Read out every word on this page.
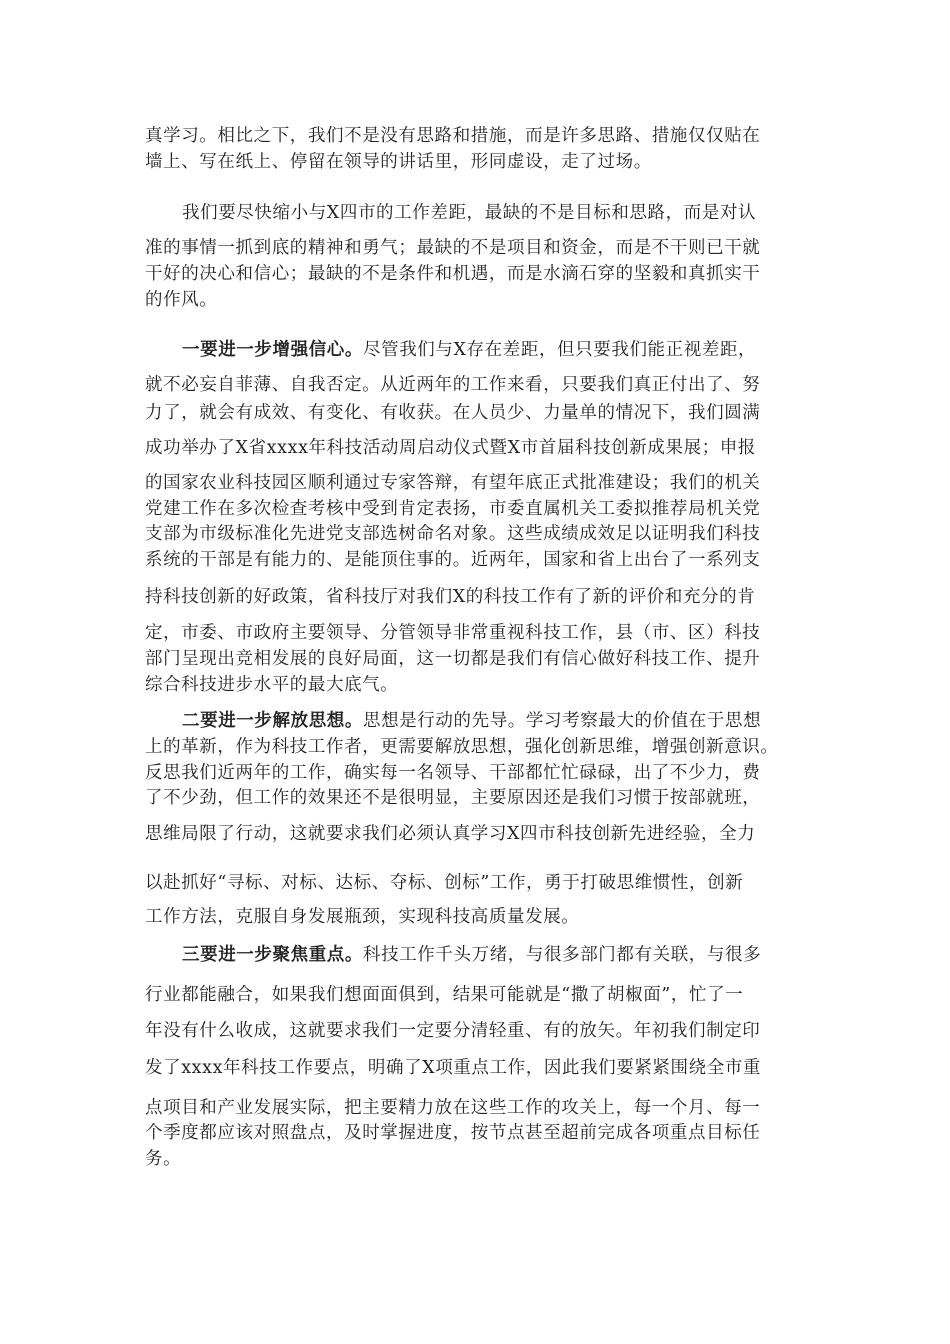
真学习。相比之下，我们不是没有思路和措施，而是许多思路、措施仅仅贴在
墙上、写在纸上、停留在领导的讲话里，形同虚设，走了过场。
我们要尽快缩小与X四市的工作差距，最缺的不是目标和思路，而是对认
准的事情一抓到底的精神和勇气；最缺的不是项目和资金，而是不干则已干就
干好的决心和信心；最缺的不是条件和机遇，而是水滴石穿的坚毅和真抓实干
的作风。
一要进一步增强信心。尽管我们与X存在差距，但只要我们能正视差距，
就不必妄自菲薄、自我否定。从近两年的工作来看，只要我们真正付出了、努
力了，就会有成效、有变化、有收获。在人员少、力量单的情况下，我们圆满
成功举办了X省xxxx年科技活动周启动仪式暨X市首届科技创新成果展；申报
的国家农业科技园区顺利通过专家答辩，有望年底正式批准建设；我们的机关
党建工作在多次检查考核中受到肯定表扬，市委直属机关工委拟推荐局机关党
支部为市级标准化先进党支部选树命名对象。这些成绩成效足以证明我们科技
系统的干部是有能力的、是能顶住事的。近两年，国家和省上出台了一系列支
持科技创新的好政策，省科技厅对我们X的科技工作有了新的评价和充分的肯
定，市委、市政府主要领导、分管领导非常重视科技工作，县（市、区）科技
部门呈现出竞相发展的良好局面，这一切都是我们有信心做好科技工作、提升
综合科技进步水平的最大底气。
二要进一步解放思想。思想是行动的先导。学习考察最大的价值在于思想
上的革新，作为科技工作者，更需要解放思想，强化创新思维，增强创新意识。
反思我们近两年的工作，确实每一名领导、干部都忙忙碌碌，出了不少力，费
了不少劲，但工作的效果还不是很明显，主要原因还是我们习惯于按部就班，
思维局限了行动，这就要求我们必须认真学习X四市科技创新先进经验，全力
以赴抓好“寻标、对标、达标、夺标、创标”工作，勇于打破思维惯性，创新
工作方法，克服自身发展瓶颈，实现科技高质量发展。
三要进一步聚焦重点。科技工作千头万绪，与很多部门都有关联，与很多
行业都能融合，如果我们想面面俱到，结果可能就是“撒了胡椒面”，忙了一
年没有什么收成，这就要求我们一定要分清轻重、有的放矢。年初我们制定印
发了xxxx年科技工作要点，明确了X项重点工作，因此我们要紧紧围绕全市重
点项目和产业发展实际，把主要精力放在这些工作的攻关上，每一个月、每一
个季度都应该对照盘点，及时掌握进度，按节点甚至超前完成各项重点目标任
务。
